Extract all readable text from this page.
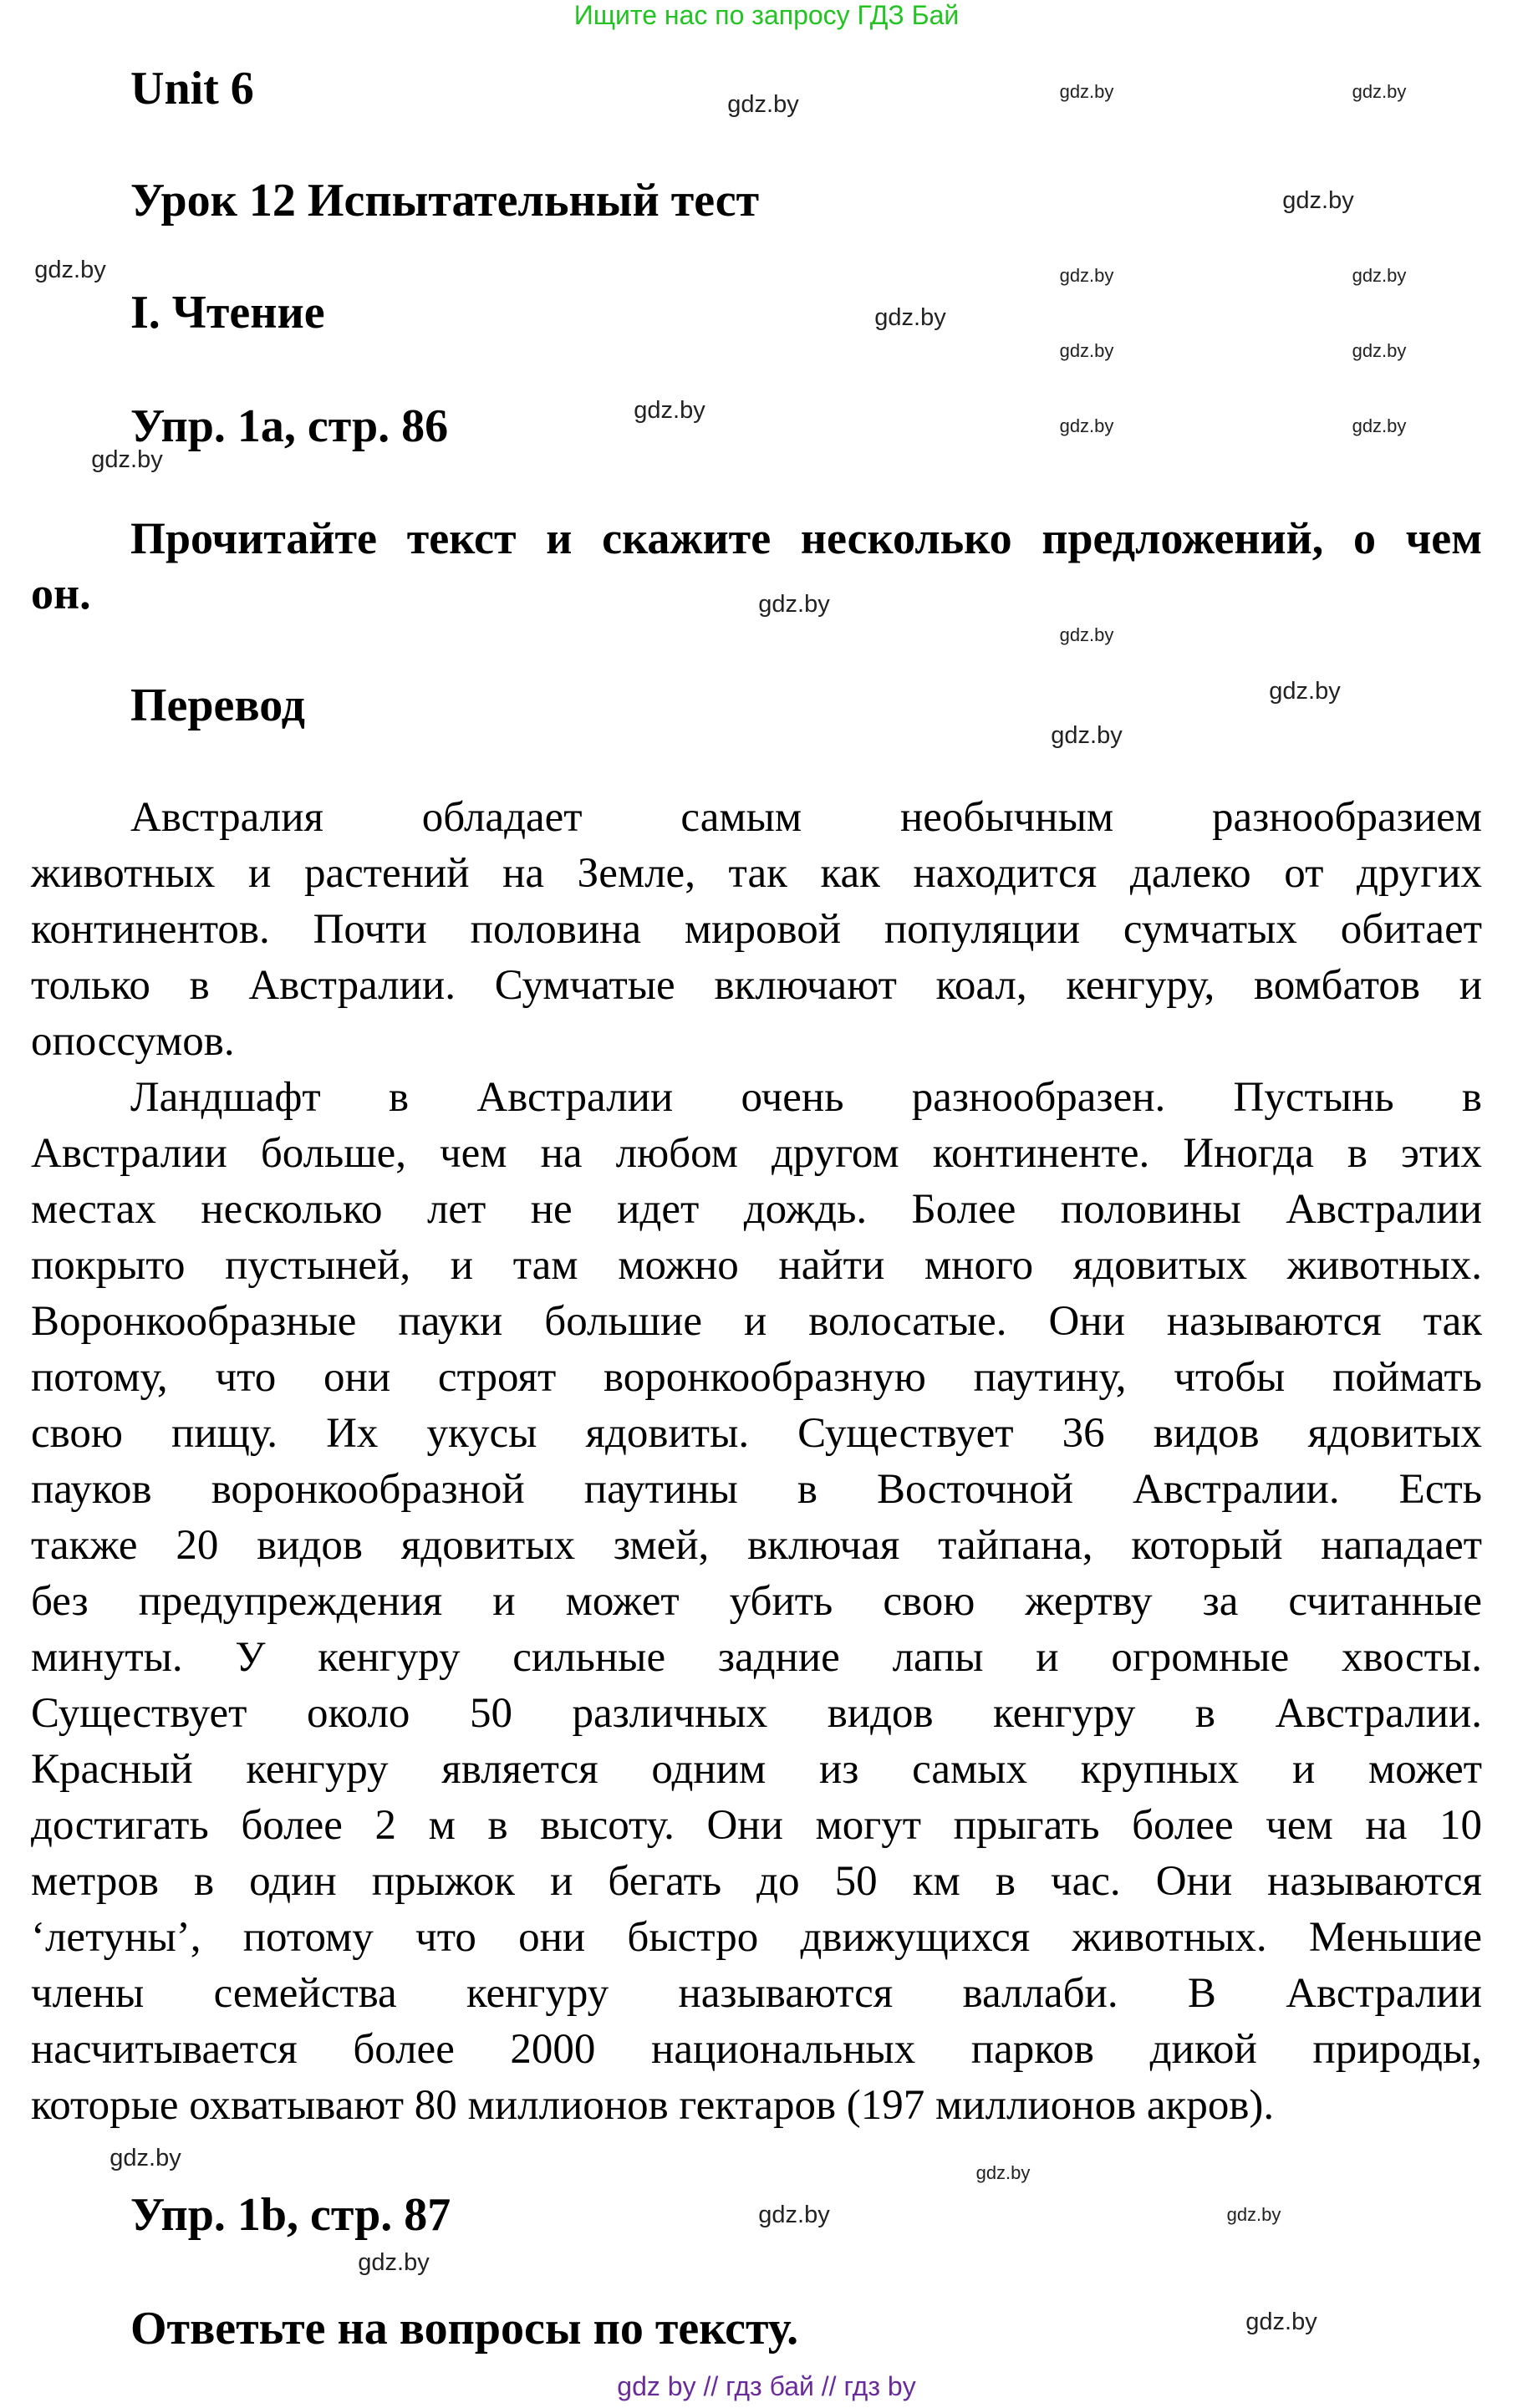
Ищите нас по запросу ГДЗ Бай
Unit 6
Урок 12 Испытательный тест
I. Чтение
Упр. 1а, стр. 86
Прочитайте текст и скажите несколько предложений, о чем
он.
Перевод
Австралия обладает самым необычным разнообразием
животных и растений на Земле, так как находится далеко от других
континентов. Почти половина мировой популяции сумчатых обитает
только в Австралии. Сумчатые включают коал, кенгуру, вомбатов и
опоссумов.
Ландшафт в Австралии очень разнообразен. Пустынь в
Австралии больше, чем на любом другом континенте. Иногда в этих
местах несколько лет не идет дождь. Более половины Австралии
покрыто пустыней, и там можно найти много ядовитых животных.
Воронкообразные пауки большие и волосатые. Они называются так
потому, что они строят воронкообразную паутину, чтобы поймать
свою пищу. Их укусы ядовиты. Существует 36 видов ядовитых
пауков воронкообразной паутины в Восточной Австралии. Есть
также 20 видов ядовитых змей, включая тайпана, который нападает
без предупреждения и может убить свою жертву за считанные
минуты. У кенгуру сильные задние лапы и огромные хвосты.
Существует около 50 различных видов кенгуру в Австралии.
Красный кенгуру является одним из самых крупных и может
достигать более 2 м в высоту. Они могут прыгать более чем на 10
метров в один прыжок и бегать до 50 км в час. Они называются
‘летуны’, потому что они быстро движущихся животных. Меньшие
члены семейства кенгуру называются валлаби. В Австралии
насчитывается более 2000 национальных парков дикой природы,
которые охватывают 80 миллионов гектаров (197 миллионов акров).
Упр. 1b, стр. 87
Ответьте на вопросы по тексту.
gdz by // гдз бай // гдз by
gdz.by
gdz.by
gdz.by
gdz.by
gdz.by
gdz.by
gdz.by
gdz.by
gdz.by
gdz.by	gdz.by
gdz.by	gdz.by
gdz.by	gdz.by
gdz.by	gdz.by
gdz.by
gdz.by
gdz.by
gdz.by
gdz.by
gdz.by
gdz.by
